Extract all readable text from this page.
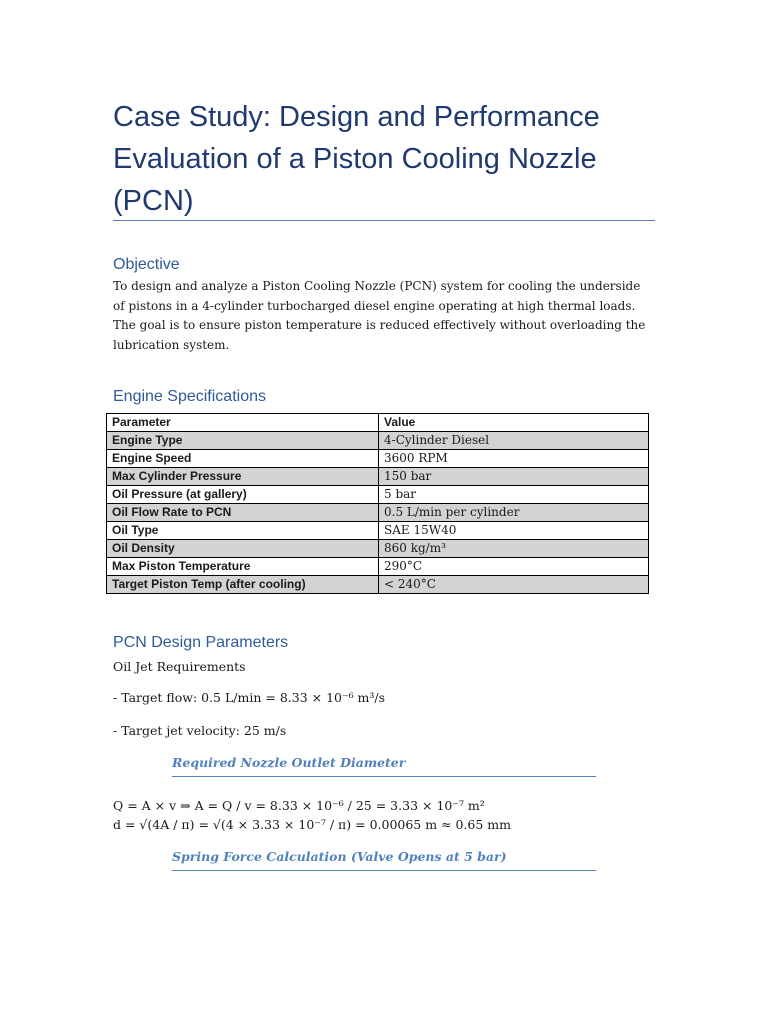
Case Study: Design and Performance Evaluation of a Piston Cooling Nozzle (PCN)
Objective

To design and analyze a Piston Cooling Nozzle (PCN) system for cooling the underside of pistons in a 4-cylinder turbocharged diesel engine operating at high thermal loads. The goal is to ensure piston temperature is reduced effectively without overloading the lubrication system.

Engine Specifications
Parameter	Value
Engine Type	4-Cylinder Diesel
Engine Speed	3600 RPM
Max Cylinder Pressure	150 bar
Oil Pressure (at gallery)	5 bar
Oil Flow Rate to PCN	0.5 L/min per cylinder
Oil Type	SAE 15W40
Oil Density	860 kg/m³
Max Piston Temperature	290°C
Target Piston Temp (after cooling)	< 240°C
PCN Design Parameters

Oil Jet Requirements

- Target flow: 0.5 L/min = 8.33 × 10⁻⁶ m³/s

- Target jet velocity: 25 m/s

Required Nozzle Outlet Diameter

Q = A × v ⇒ A = Q / v = 8.33 × 10⁻⁶ / 25 = 3.33 × 10⁻⁷ m²

d = √(4A / π) = √(4 × 3.33 × 10⁻⁷ / π) = 0.00065 m ≈ 0.65 mm

Spring Force Calculation (Valve Opens at 5 bar)
